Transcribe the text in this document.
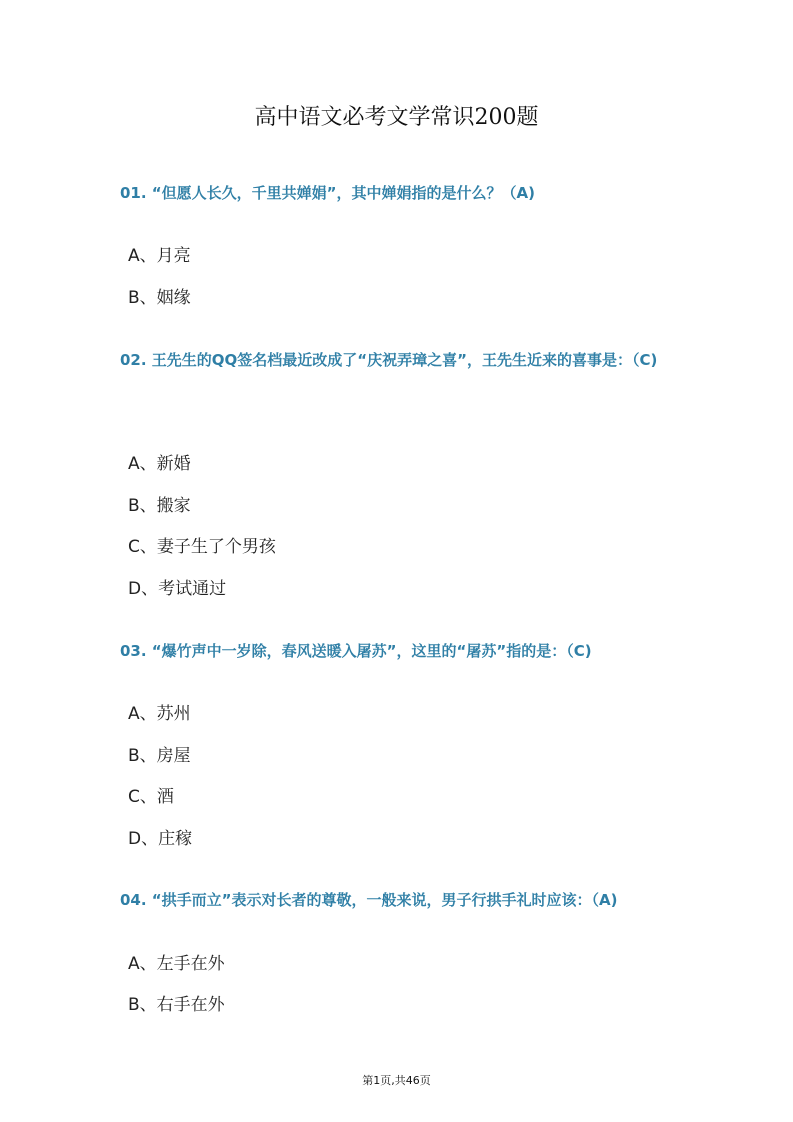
高中语文必考文学常识200题
01. “但愿人长久，千里共婵娟”，其中婵娟指的是什么？（A)
A、月亮
B、姻缘
02. 王先生的QQ签名档最近改成了“庆祝弄璋之喜”，王先生近来的喜事是：（C)
A、新婚
B、搬家
C、妻子生了个男孩
D、考试通过
03. “爆竹声中一岁除，春风送暖入屠苏”，这里的“屠苏”指的是：（C)
A、苏州
B、房屋
C、酒
D、庄稼
04. “拱手而立”表示对长者的尊敬，一般来说，男子行拱手礼时应该：（A)
A、左手在外
B、右手在外
第1页,共46页
